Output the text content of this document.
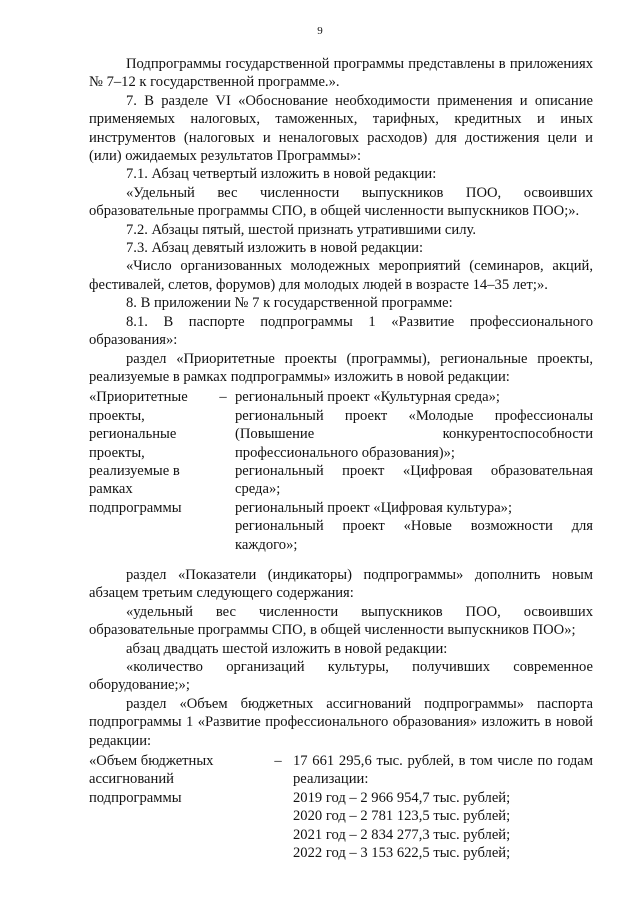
9

Подпрограммы государственной программы представлены в приложениях № 7–12 к государственной программе.».

7. В разделе VI «Обоснование необходимости применения и описание применяемых налоговых, таможенных, тарифных, кредитных и иных инструментов (налоговых и неналоговых расходов) для достижения цели и (или) ожидаемых результатов Программы»:

7.1. Абзац четвертый изложить в новой редакции:

«Удельный вес численности выпускников ПОО, освоивших образовательные программы СПО, в общей численности выпускников ПОО;».

7.2. Абзацы пятый, шестой признать утратившими силу.

7.3. Абзац девятый изложить в новой редакции:

«Число организованных молодежных мероприятий (семинаров, акций, фестивалей, слетов, форумов) для молодых людей в возрасте 14–35 лет;».

8. В приложении № 7 к государственной программе:

8.1. В паспорте подпрограммы 1 «Развитие профессионального образования»:

раздел «Приоритетные проекты (программы), региональные проекты, реализуемые в рамках подпрограммы» изложить в новой редакции:

«Приоритетные проекты, региональные проекты, реализуемые в рамках подпрограммы
– региональный проект «Культурная среда»;
региональный проект «Молодые профессионалы (Повышение конкурентоспособности профессионального образования)»;
региональный проект «Цифровая образовательная среда»;
региональный проект «Цифровая культура»;
региональный проект «Новые возможности для каждого»;

раздел «Показатели (индикаторы) подпрограммы» дополнить новым абзацем третьим следующего содержания:

«удельный вес численности выпускников ПОО, освоивших образовательные программы СПО, в общей численности выпускников ПОО»;

абзац двадцать шестой изложить в новой редакции:

«количество организаций культуры, получивших современное оборудование;»;

раздел «Объем бюджетных ассигнований подпрограммы» паспорта подпрограммы 1 «Развитие профессионального образования» изложить в новой редакции:

«Объем бюджетных ассигнований подпрограммы
– 17 661 295,6 тыс. рублей, в том числе по годам реализации:
2019 год – 2 966 954,7 тыс. рублей;
2020 год – 2 781 123,5 тыс. рублей;
2021 год – 2 834 277,3 тыс. рублей;
2022 год – 3 153 622,5 тыс. рублей;
